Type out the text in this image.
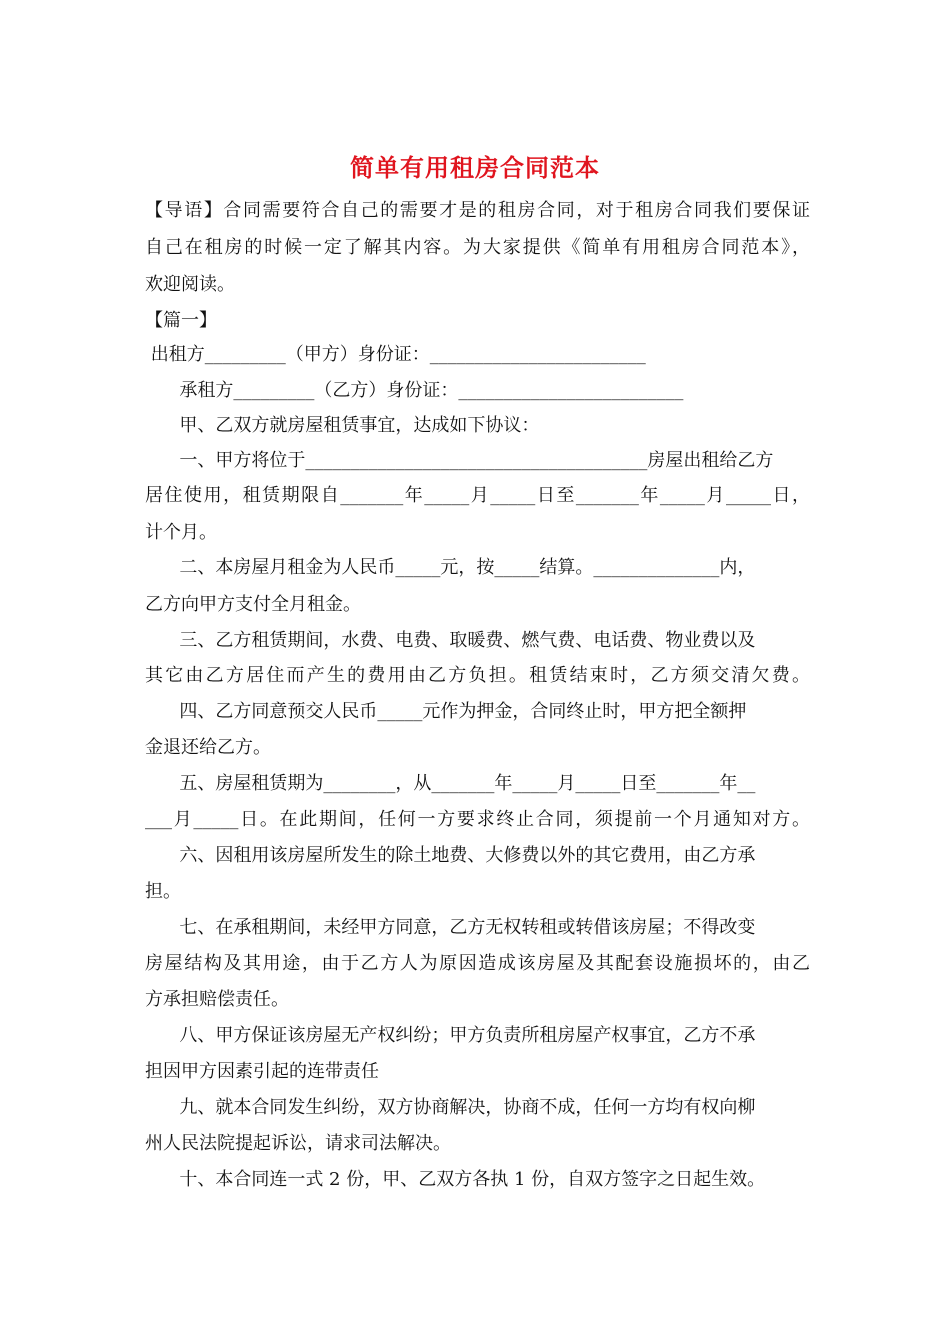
简单有用租房合同范本
【导语】合同需要符合自己的需要才是的租房合同，对于租房合同我们要保证
自己在租房的时候一定了解其内容。为大家提供《简单有用租房合同范本》，
欢迎阅读。
【篇一】
出租方_________（甲方）身份证：________________________
承租方_________（乙方）身份证：_________________________
甲、乙双方就房屋租赁事宜，达成如下协议：
一、甲方将位于______________________________________房屋出租给乙方
居住使用，租赁期限自_______年_____月_____日至_______年_____月_____日，
计个月。
二、本房屋月租金为人民币_____元，按_____结算。______________内，
乙方向甲方支付全月租金。
三、乙方租赁期间，水费、电费、取暖费、燃气费、电话费、物业费以及
其它由乙方居住而产生的费用由乙方负担。租赁结束时，乙方须交清欠费。
四、乙方同意预交人民币_____元作为押金，合同终止时，甲方把全额押
金退还给乙方。
五、房屋租赁期为________，从_______年_____月_____日至_______年__
___月_____日。在此期间，任何一方要求终止合同，须提前一个月通知对方。
六、因租用该房屋所发生的除土地费、大修费以外的其它费用，由乙方承
担。
七、在承租期间，未经甲方同意，乙方无权转租或转借该房屋；不得改变
房屋结构及其用途，由于乙方人为原因造成该房屋及其配套设施损坏的，由乙
方承担赔偿责任。
八、甲方保证该房屋无产权纠纷；甲方负责所租房屋产权事宜，乙方不承
担因甲方因素引起的连带责任
九、就本合同发生纠纷，双方协商解决，协商不成，任何一方均有权向柳
州人民法院提起诉讼，请求司法解决。
十、本合同连一式 2 份，甲、乙双方各执 1 份，自双方签字之日起生效。
